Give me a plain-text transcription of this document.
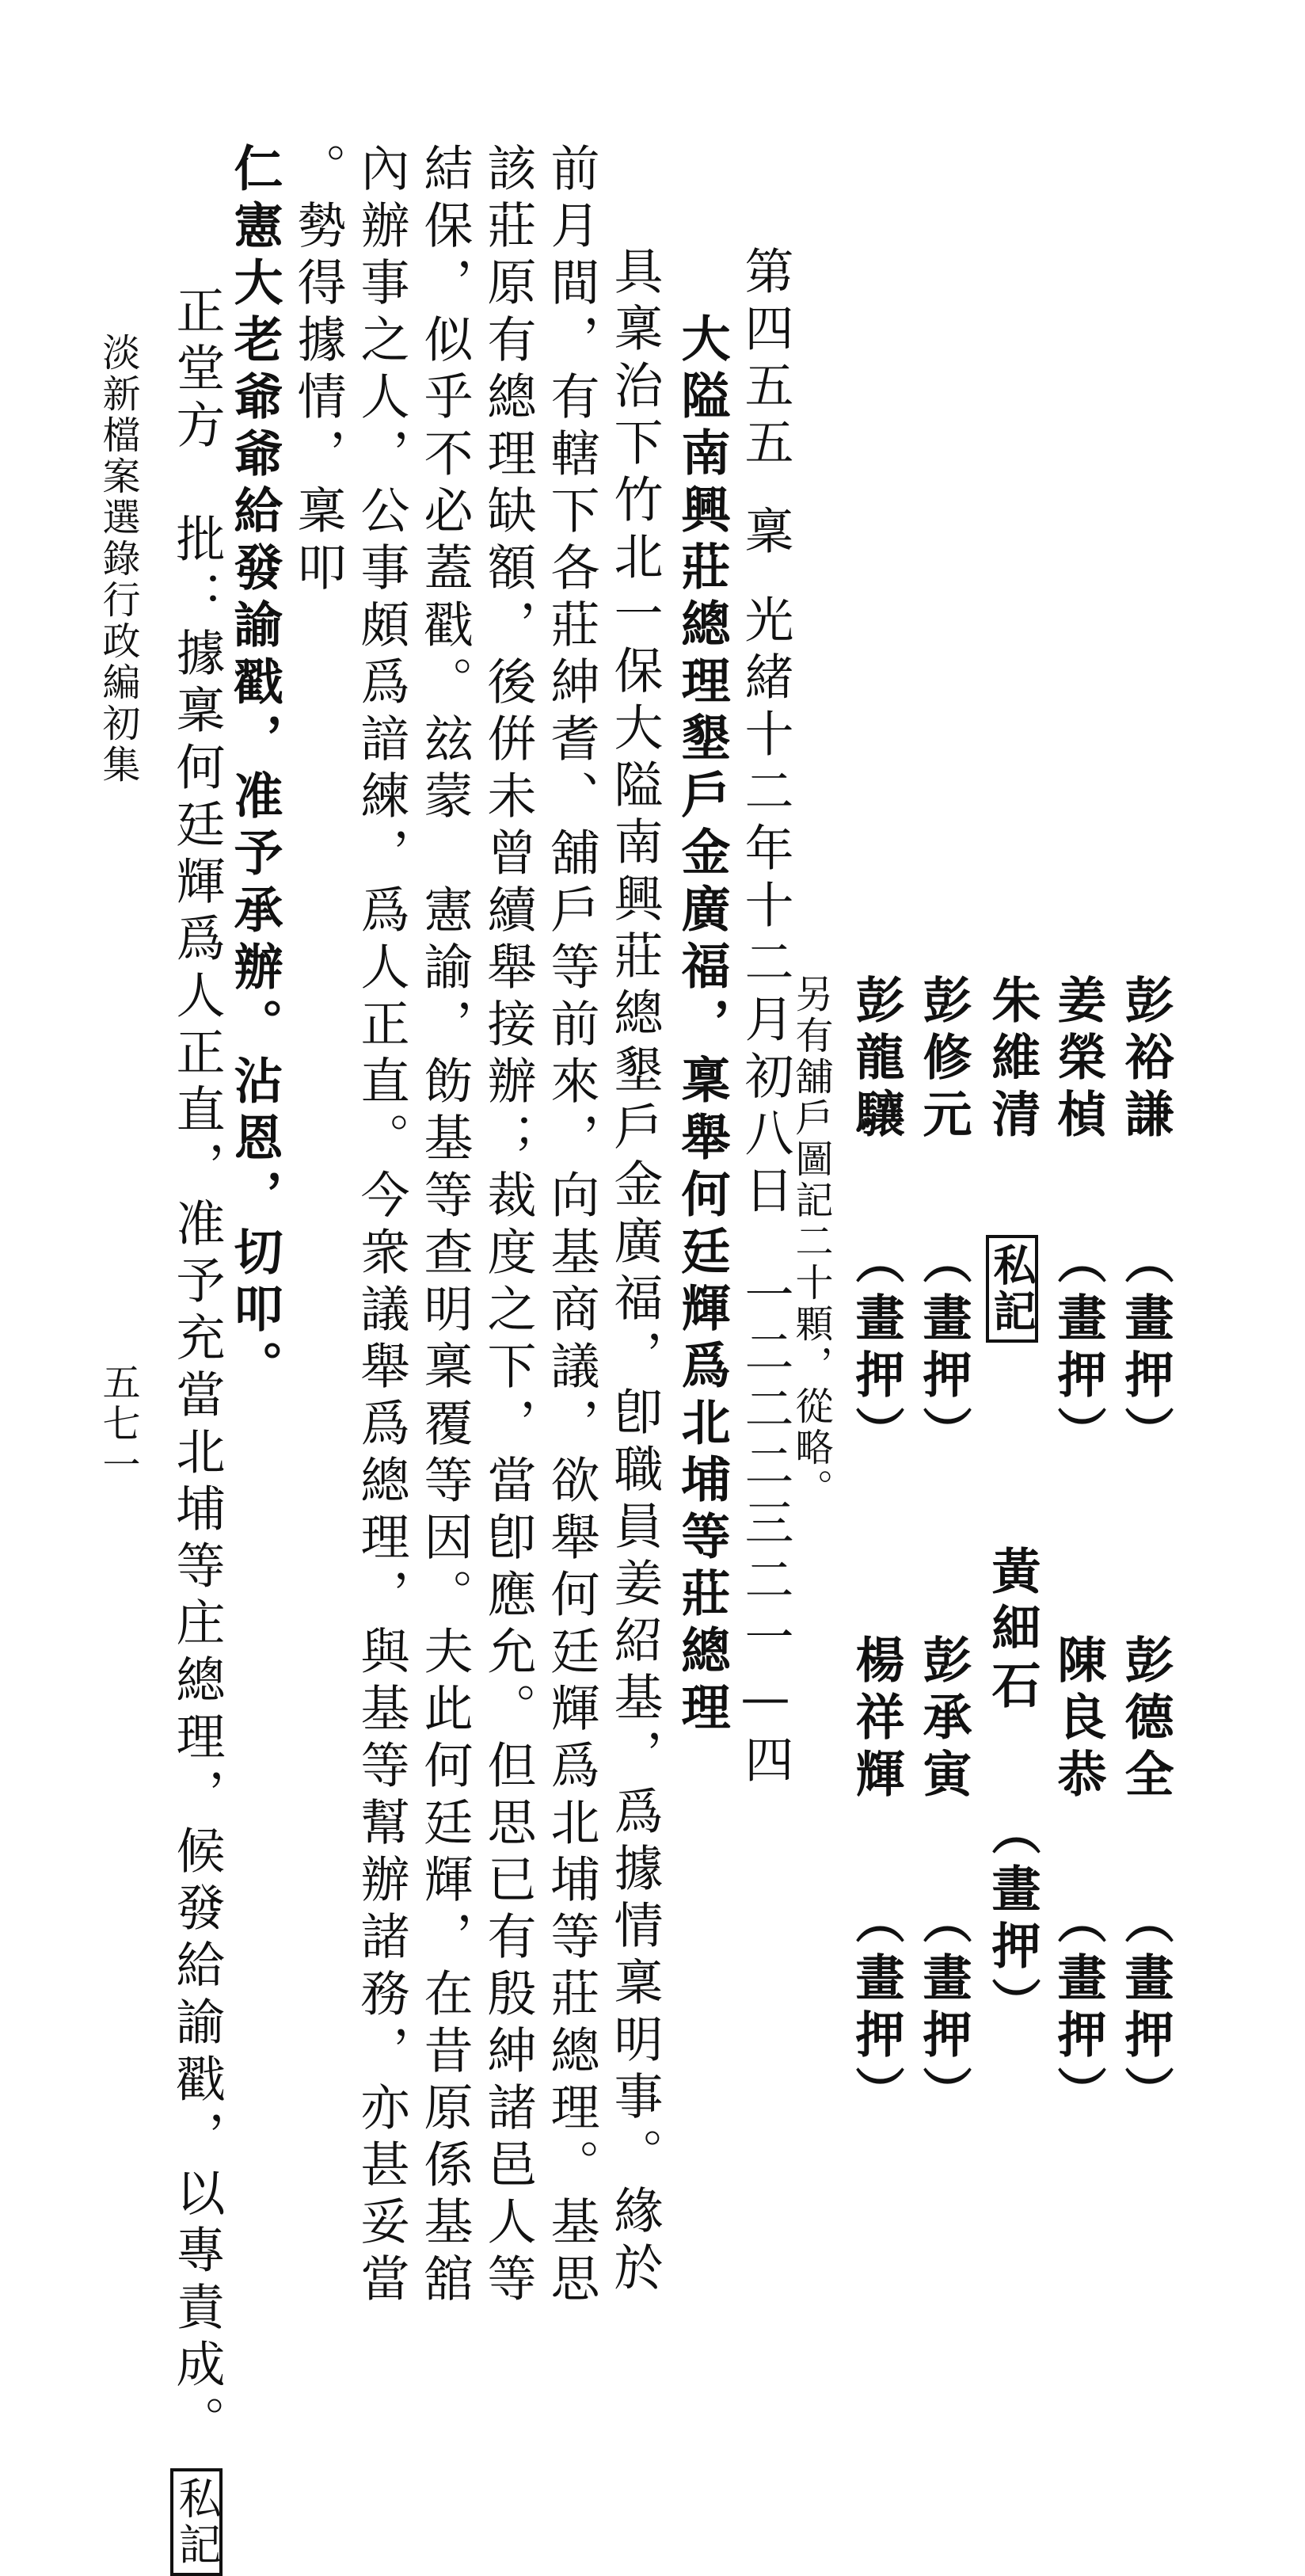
彭裕謙 （畫押）  彭德全 （畫押）
姜榮楨 （畫押）  陳良恭 （畫押）
朱維清 私記  黃細石 （畫押）
彭修元 （畫押）  彭承寅 （畫押）
彭龍驤 （畫押）  楊祥輝 （畫押）
另有舖戶圖記二十顆，從略。
第四五五稟光緒十二年十二月初八日一二二二三二一—四
大隘南興莊總理墾戶金廣福，稟舉何廷輝爲北埔等莊總理
具稟治下竹北一保大隘南興莊總墾戶金廣福，卽職員姜紹基，爲據情稟明事。緣於
前月間，有轄下各莊紳耆、舖戶等前來，向基商議，欲舉何廷輝爲北埔等莊總理。基思
該莊原有總理缺額，後倂未曾續舉接辦；裁度之下，當卽應允。但思已有殷紳諸邑人等
結保，似乎不必蓋戳。玆蒙　憲諭，飭基等查明稟覆等因。夫此何廷輝，在昔原係基舘
內辦事之人，公事頗爲諳練，爲人正直。今衆議舉爲總理，與基等幫辦諸務，亦甚妥當
。勢得據情，稟叩
仁憲大老爺爺給發諭戳，准予承辦。沾恩，切叩。
正堂方　批：據稟何廷輝爲人正直，准予充當北埔等庄總理，候發給諭戳，以專責成。私記
淡新檔案選錄行政編初集
五七一
